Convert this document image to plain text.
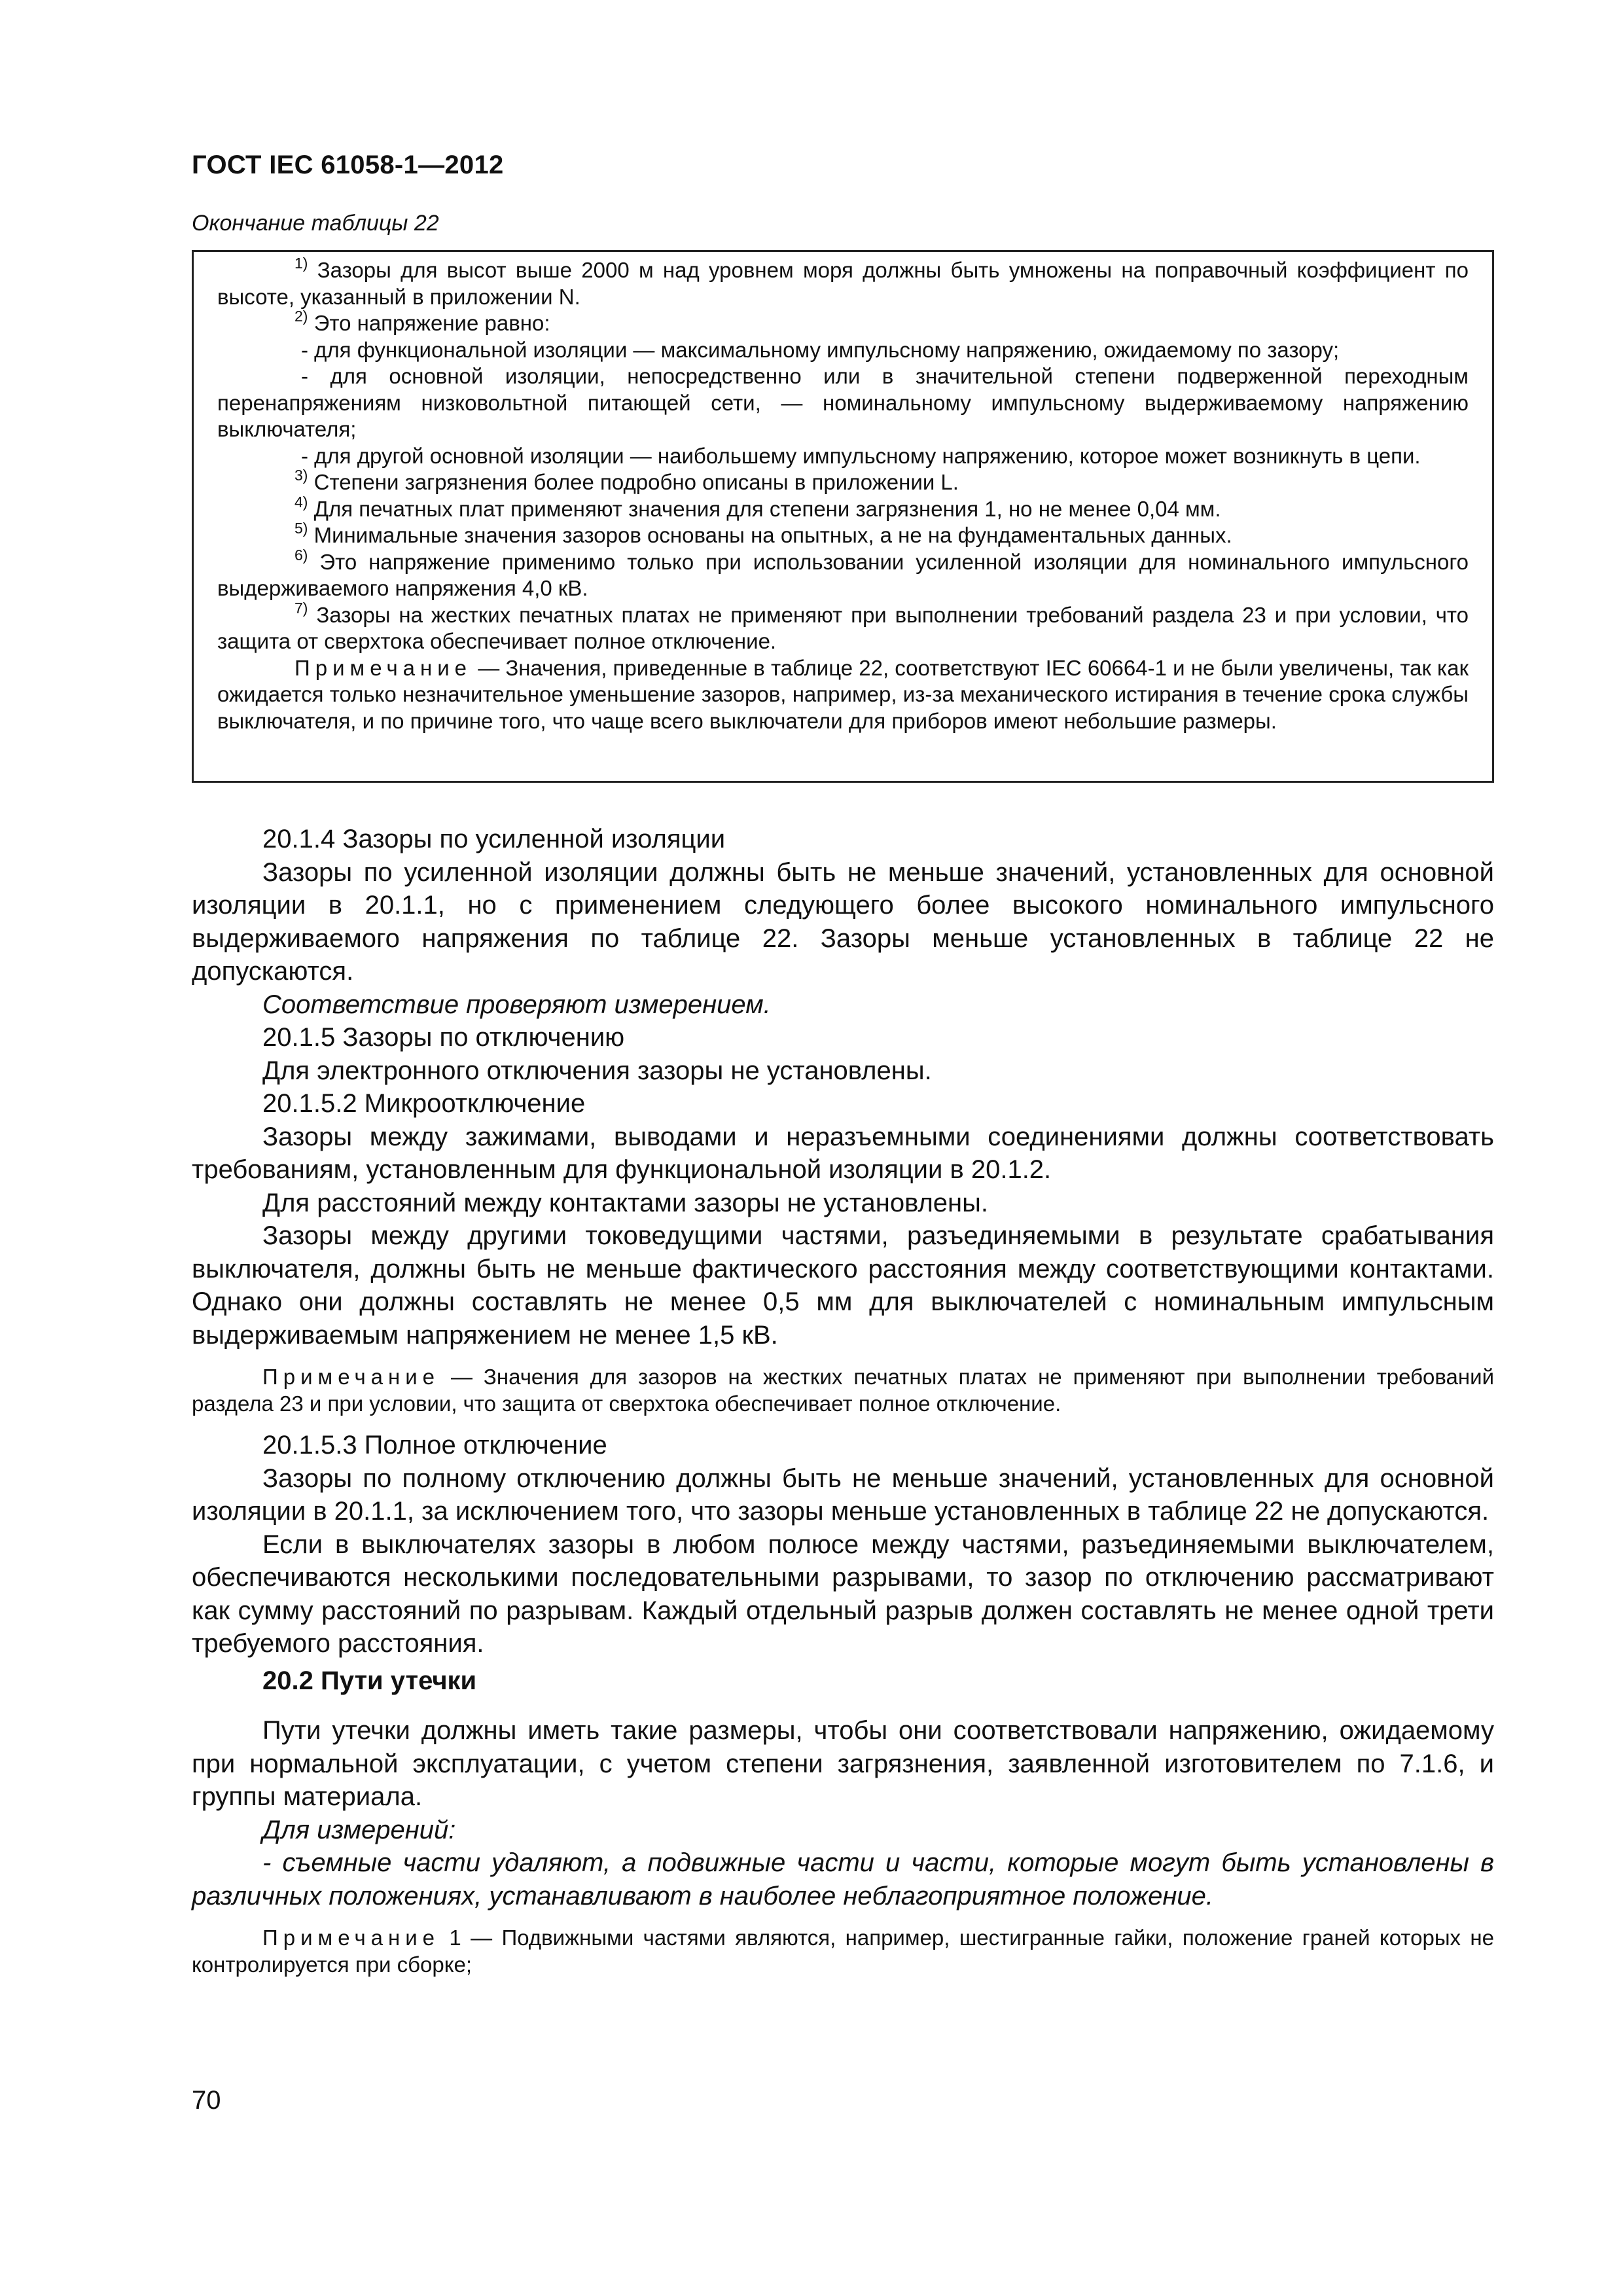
ГОСТ IEC 61058-1—2012
Окончание таблицы 22

$^{1)}$ Зазоры для высот выше 2000 м над уровнем моря должны быть умножены на поправочный коэффициент по высоте, указанный в приложении N.

$^{2)}$ Это напряжение равно:

- для функциональной изоляции — максимальному импульсному напряжению, ожидаемому по зазору;

- для основной изоляции, непосредственно или в значительной степени подверженной переходным перенапряжениям низковольтной питающей сети, — номинальному импульсному выдерживаемому напряжению выключателя;

- для другой основной изоляции — наибольшему импульсному напряжению, которое может возникнуть в цепи.

$^{3)}$ Степени загрязнения более подробно описаны в приложении L.

$^{4)}$ Для печатных плат применяют значения для степени загрязнения 1, но не менее 0,04 мм.

$^{5)}$ Минимальные значения зазоров основаны на опытных, а не на фундаментальных данных.

$^{6)}$ Это напряжение применимо только при использовании усиленной изоляции для номинального импульсного выдерживаемого напряжения 4,0 кВ.

$^{7)}$ Зазоры на жестких печатных платах не применяют при выполнении требований раздела 23 и при условии, что защита от сверхтока обеспечивает полное отключение.

Примечание — Значения, приведенные в таблице 22, соответствуют IEC 60664-1 и не были увеличены, так как ожидается только незначительное уменьшение зазоров, например, из-за механического истирания в течение срока службы выключателя, и по причине того, что чаще всего выключатели для приборов имеют небольшие размеры.

20.1.4 Зазоры по усиленной изоляции

Зазоры по усиленной изоляции должны быть не меньше значений, установленных для основной изоляции в 20.1.1, но с применением следующего более высокого номинального импульсного выдерживаемого напряжения по таблице 22. Зазоры меньше установленных в таблице 22 не допускаются.

Соответствие проверяют измерением.

20.1.5 Зазоры по отключению

Для электронного отключения зазоры не установлены.

20.1.5.2 Микроотключение

Зазоры между зажимами, выводами и неразъемными соединениями должны соответствовать требованиям, установленным для функциональной изоляции в 20.1.2.

Для расстояний между контактами зазоры не установлены.

Зазоры между другими токоведущими частями, разъединяемыми в результате срабатывания выключателя, должны быть не меньше фактического расстояния между соответствующими контактами. Однако они должны составлять не менее 0,5 мм для выключателей с номинальным импульсным выдерживаемым напряжением не менее 1,5 кВ.

Примечание — Значения для зазоров на жестких печатных платах не применяют при выполнении требований раздела 23 и при условии, что защита от сверхтока обеспечивает полное отключение.

20.1.5.3 Полное отключение

Зазоры по полному отключению должны быть не меньше значений, установленных для основной изоляции в 20.1.1, за исключением того, что зазоры меньше установленных в таблице 22 не допускаются.

Если в выключателях зазоры в любом полюсе между частями, разъединяемыми выключателем, обеспечиваются несколькими последовательными разрывами, то зазор по отключению рассматривают как сумму расстояний по разрывам. Каждый отдельный разрыв должен составлять не менее одной трети требуемого расстояния.

20.2 Пути утечки

Пути утечки должны иметь такие размеры, чтобы они соответствовали напряжению, ожидаемому при нормальной эксплуатации, с учетом степени загрязнения, заявленной изготовителем по 7.1.6, и группы материала.

Для измерений:

- съемные части удаляют, а подвижные части и части, которые могут быть установлены в различных положениях, устанавливают в наиболее неблагоприятное положение.

Примечание 1 — Подвижными частями являются, например, шестигранные гайки, положение граней которых не контролируется при сборке;

70
